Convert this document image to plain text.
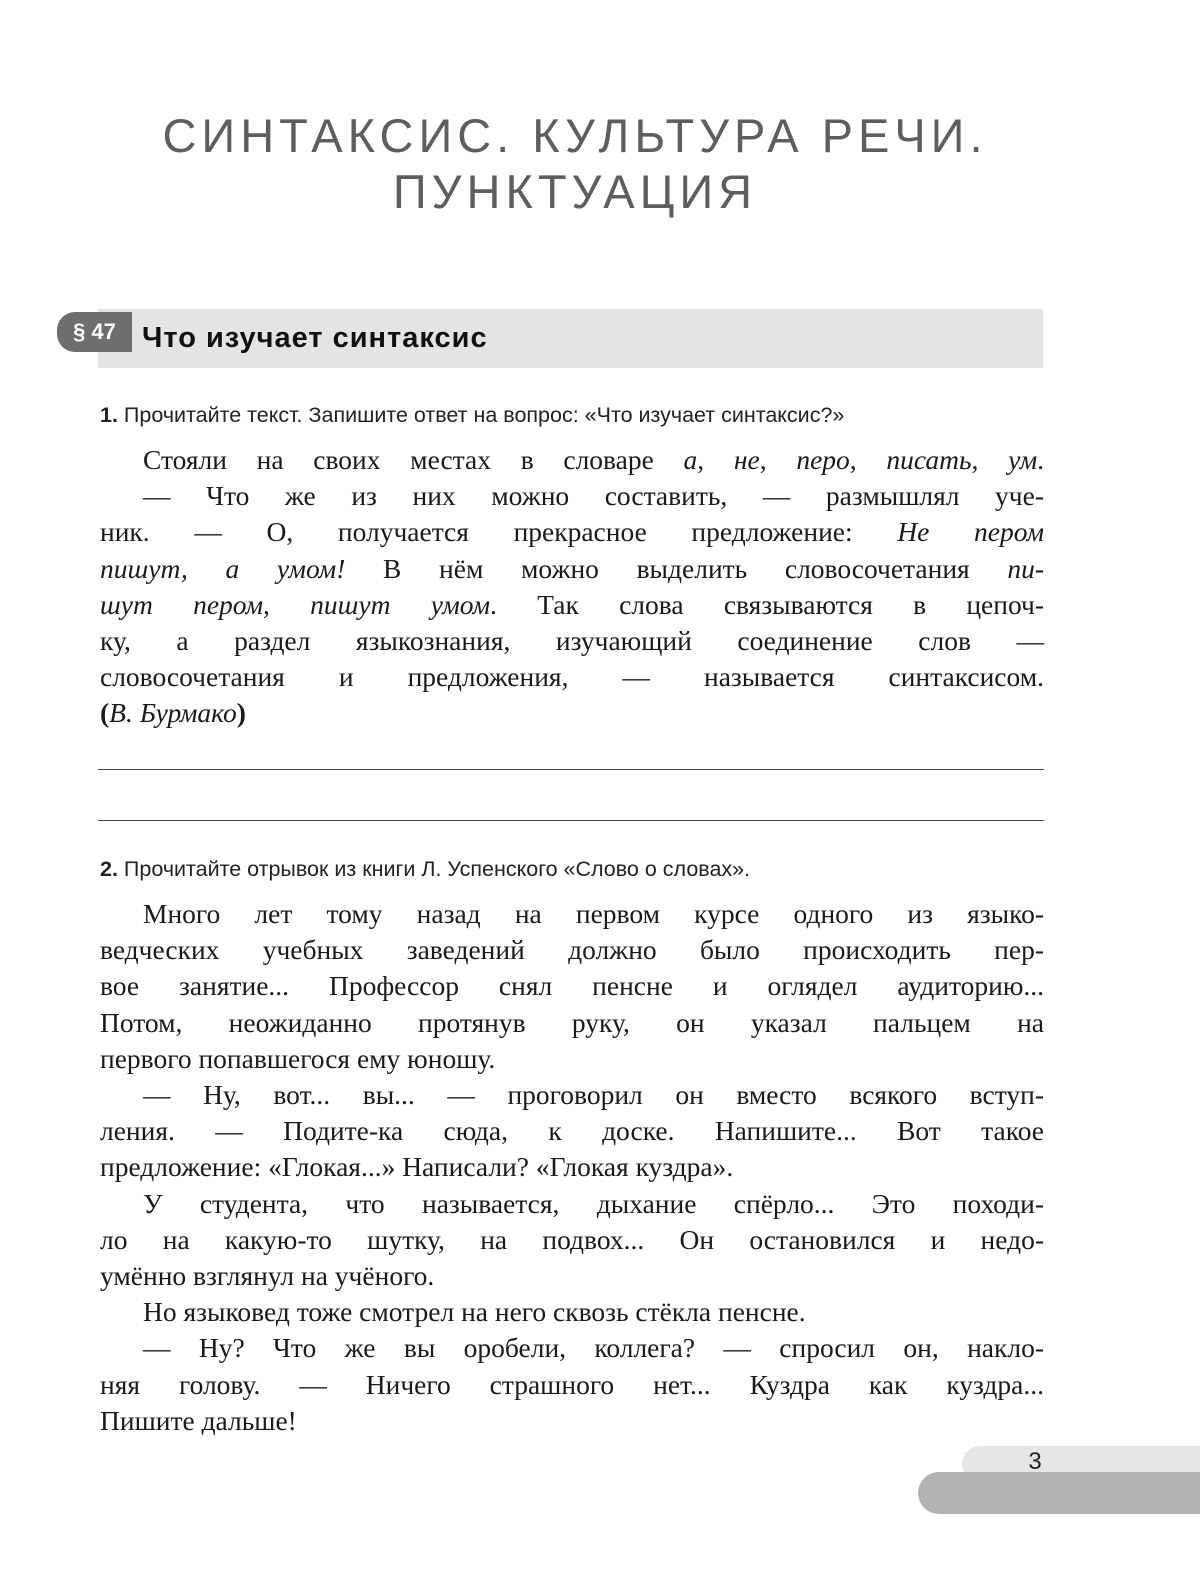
СИНТАКСИС. КУЛЬТУРА РЕЧИ.
ПУНКТУАЦИЯ
§ 47 Что изучает синтаксис
1. Прочитайте текст. Запишите ответ на вопрос: «Что изучает синтаксис?»
Стояли на своих местах в словаре а, не, перо, писать, ум.
— Что же из них можно составить, — размышлял уче-
ник. — О, получается прекрасное предложение: Не пером
пишут, а умом! В нём можно выделить словосочетания пи-
шут пером, пишут умом. Так слова связываются в цепоч-
ку, а раздел языкознания, изучающий соединение слов —
словосочетания и предложения, — называется синтаксисом.
(В. Бурмако)
2. Прочитайте отрывок из книги Л. Успенского «Слово о словах».
Много лет тому назад на первом курсе одного из языко-
ведческих учебных заведений должно было происходить пер-
вое занятие... Профессор снял пенсне и оглядел аудиторию...
Потом, неожиданно протянув руку, он указал пальцем на
первого попавшегося ему юношу.
— Ну, вот... вы... — проговорил он вместо всякого вступ-
ления. — Подите-ка сюда, к доске. Напишите... Вот такое
предложение: «Глокая...» Написали? «Глокая куздра».
У студента, что называется, дыхание спёрло... Это походи-
ло на какую-то шутку, на подвох... Он остановился и недо-
умённо взглянул на учёного.
Но языковед тоже смотрел на него сквозь стёкла пенсне.
— Ну? Что же вы оробели, коллега? — спросил он, накло-
няя голову. — Ничего страшного нет... Куздра как куздра...
Пишите дальше!
3
